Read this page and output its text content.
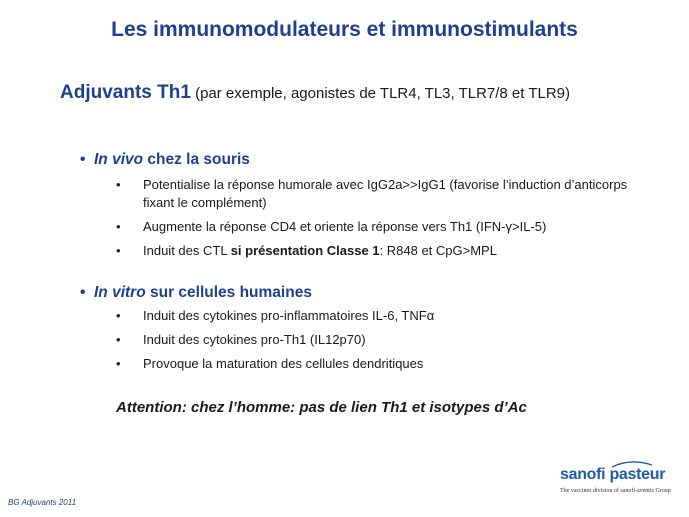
Les immunomodulateurs et immunostimulants
Adjuvants Th1 (par exemple, agonistes de TLR4, TL3, TLR7/8 et TLR9)
• In vivo chez la souris
• Potentialise la réponse humorale avec IgG2a>>IgG1 (favorise l’induction d’anticorps fixant le complément)
• Augmente la réponse CD4 et oriente la réponse vers Th1 (IFN-γ>IL-5)
• Induit des CTL si présentation Classe 1: R848 et CpG>MPL
• In vitro sur cellules humaines
• Induit des cytokines pro-inflammatoires IL-6, TNFα
• Induit des cytokines pro-Th1 (IL12p70)
• Provoque la maturation des cellules dendritiques
Attention: chez l’homme: pas de lien Th1 et isotypes d’Ac
BG Adjuvants 2011
sanofi pasteur
The vaccines division of sanofi-aventis Group
